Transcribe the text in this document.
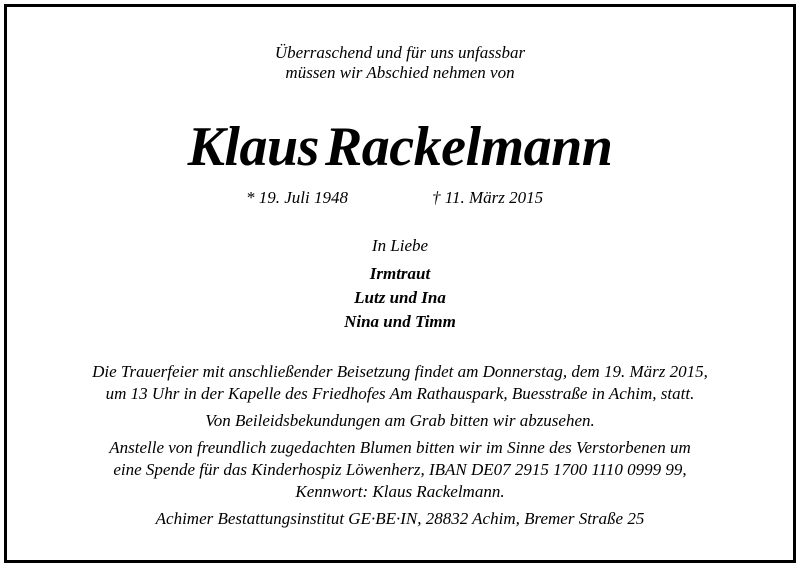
Überraschend und für uns unfassbar
müssen wir Abschied nehmen von
Klaus Rackelmann
* 19. Juli 1948	† 11. März 2015
In Liebe
Irmtraut
Lutz und Ina
Nina und Timm
Die Trauerfeier mit anschließender Beisetzung findet am Donnerstag, dem 19. März 2015,
um 13 Uhr in der Kapelle des Friedhofes Am Rathauspark, Buesstraße in Achim, statt.
Von Beileidsbekundungen am Grab bitten wir abzusehen.
Anstelle von freundlich zugedachten Blumen bitten wir im Sinne des Verstorbenen um
eine Spende für das Kinderhospiz Löwenherz, IBAN DE07 2915 1700 1110 0999 99,
Kennwort: Klaus Rackelmann.
Achimer Bestattungsinstitut GE·BE·IN, 28832 Achim, Bremer Straße 25
